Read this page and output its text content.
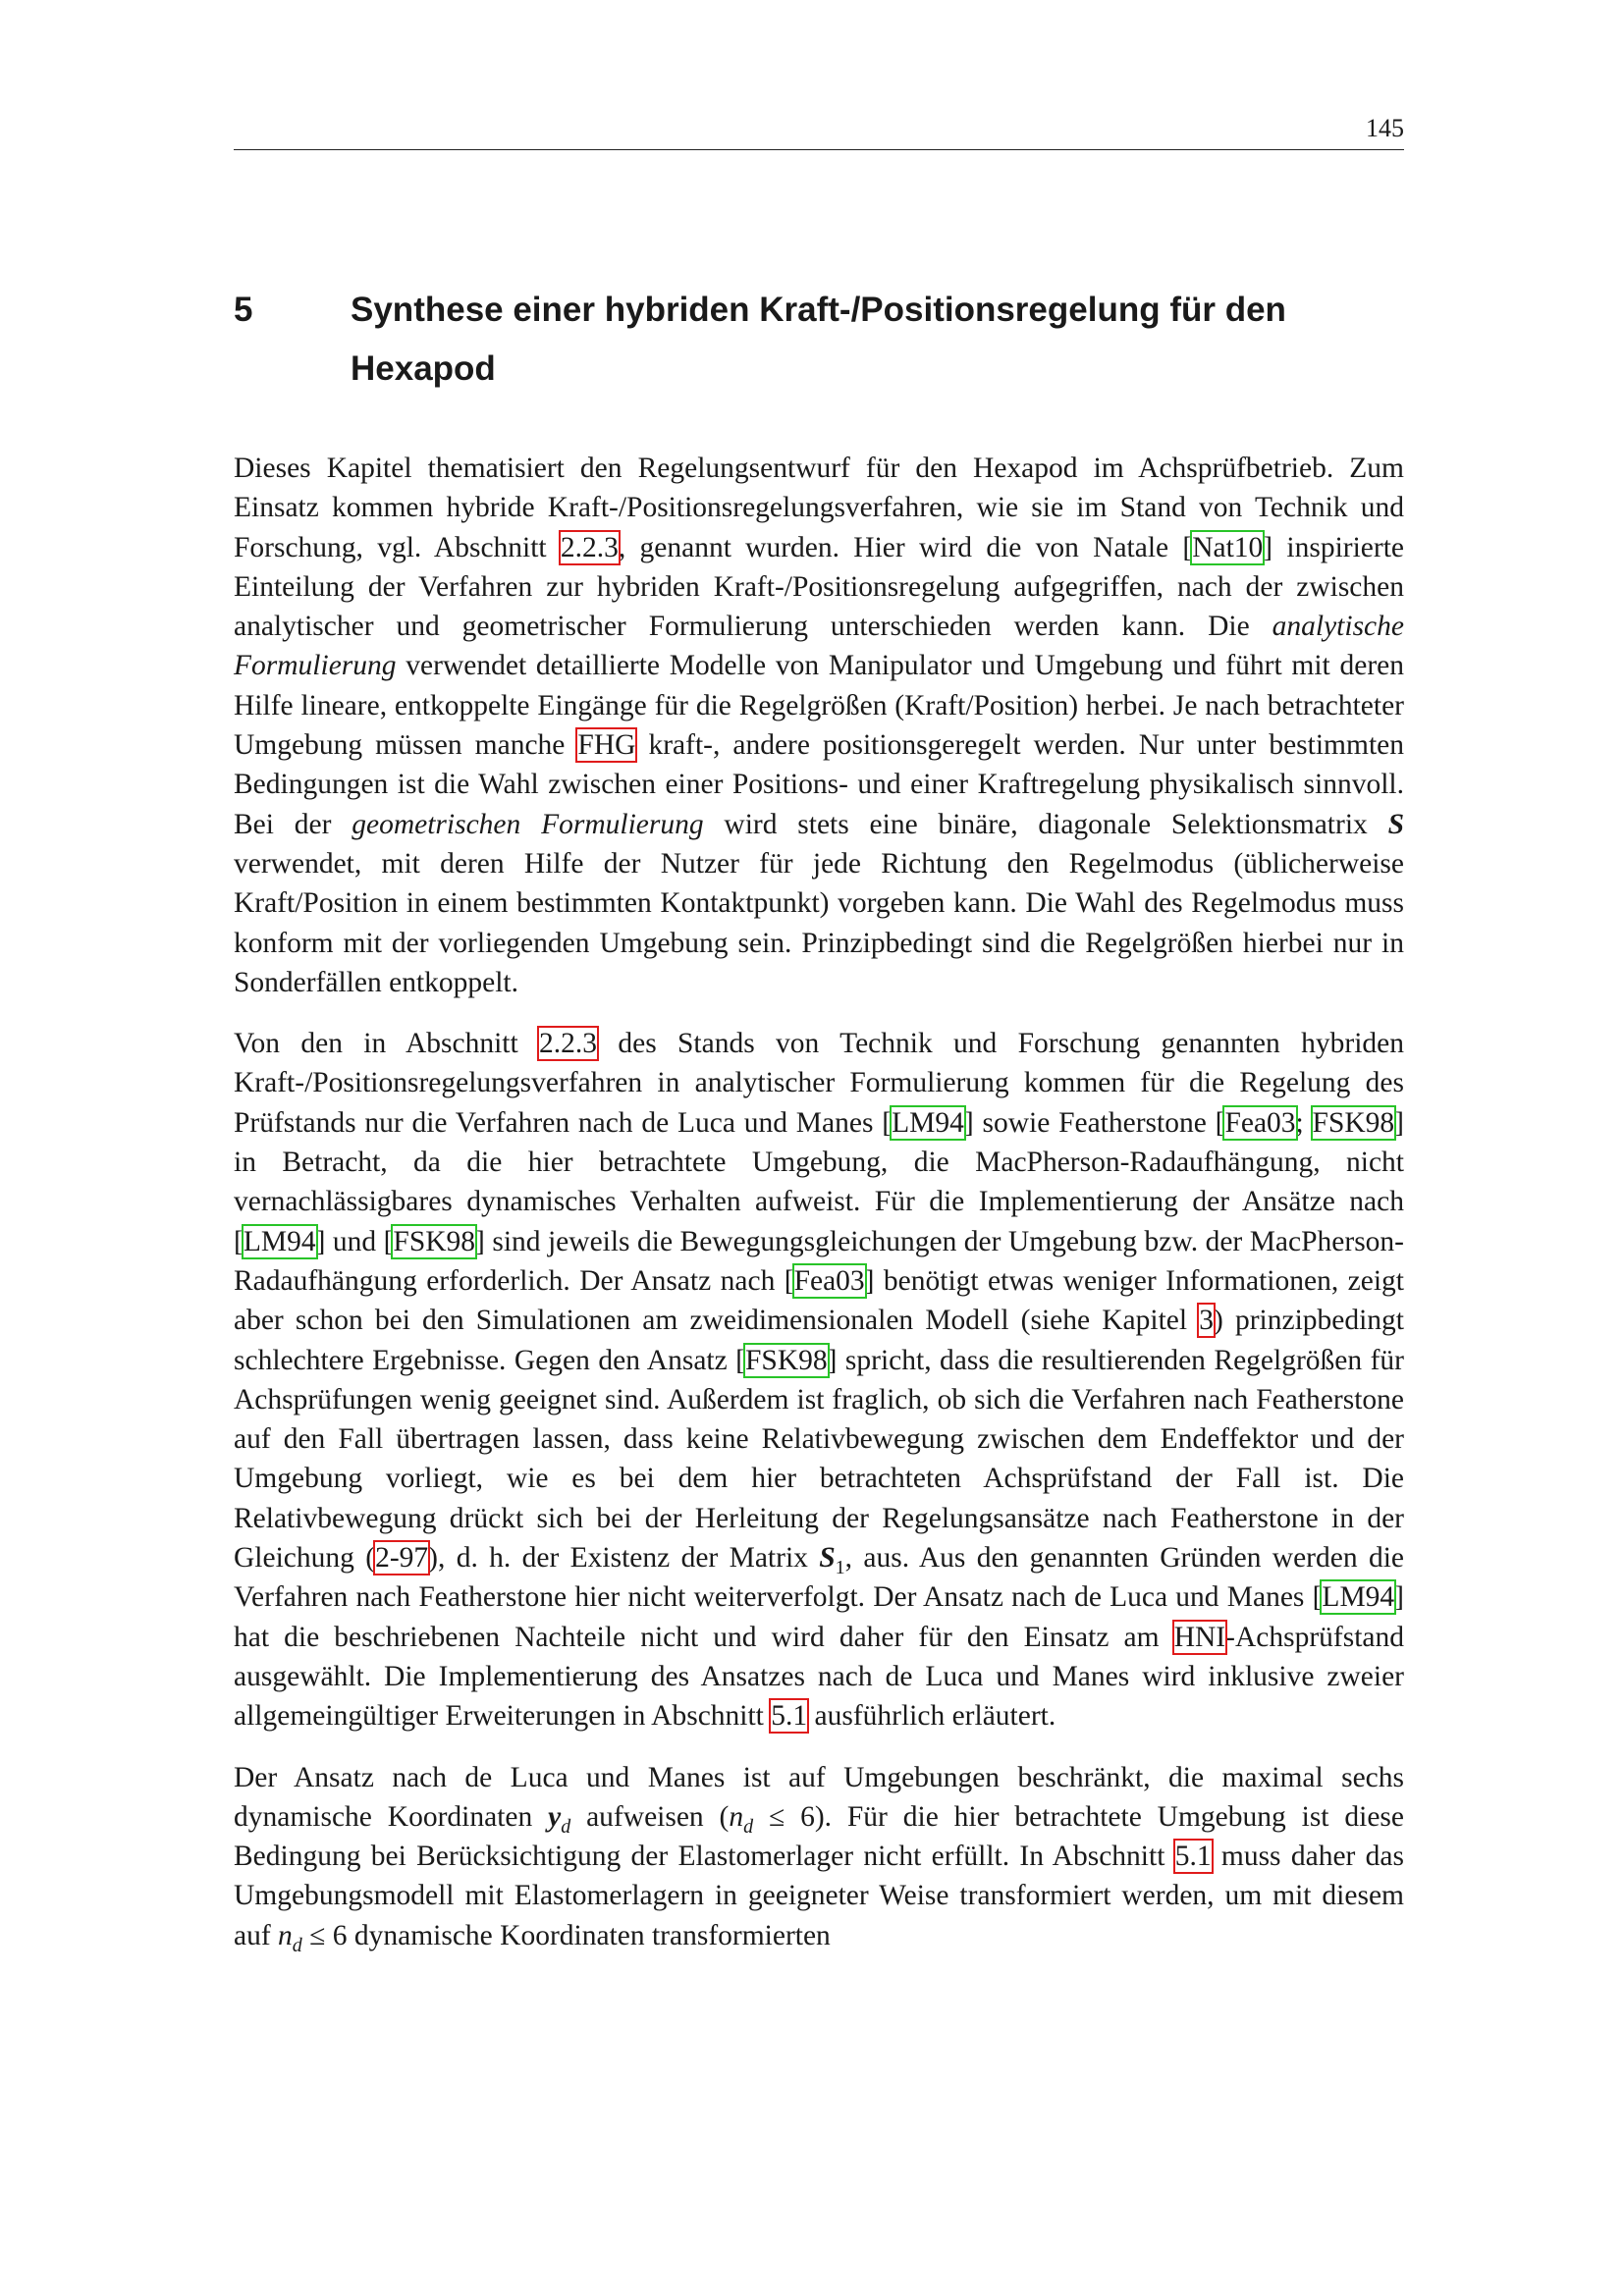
145
5	Synthese einer hybriden Kraft-/Positionsregelung für den
Hexapod

Dieses Kapitel thematisiert den Regelungsentwurf für den Hexapod im Achsprüfbetrieb. Zum Einsatz kommen hybride Kraft-/Positionsregelungsverfahren, wie sie im Stand von Technik und Forschung, vgl. Abschnitt 2.2.3, genannt wurden. Hier wird die von Natale [Nat10] inspirierte Einteilung der Verfahren zur hybriden Kraft-/Positionsregelung aufgegriffen, nach der zwischen analytischer und geometrischer Formulierung unterschieden werden kann. Die analytische Formulierung verwendet detaillierte Modelle von Manipulator und Umgebung und führt mit deren Hilfe lineare, entkoppelte Eingänge für die Regelgrößen (Kraft/Position) herbei. Je nach betrachteter Umgebung müssen manche FHG kraft-, andere positionsgeregelt werden. Nur unter bestimmten Bedingungen ist die Wahl zwischen einer Positions- und einer Kraftregelung physikalisch sinnvoll. Bei der geometrischen Formulierung wird stets eine binäre, diagonale Selektionsmatrix S verwendet, mit deren Hilfe der Nutzer für jede Richtung den Regelmodus (üblicherweise Kraft/Position in einem bestimmten Kontaktpunkt) vorgeben kann. Die Wahl des Regelmodus muss konform mit der vorliegenden Umgebung sein. Prinzipbedingt sind die Regelgrößen hierbei nur in Sonderfällen entkoppelt.

Von den in Abschnitt 2.2.3 des Stands von Technik und Forschung genannten hybriden Kraft-/Positionsregelungsverfahren in analytischer Formulierung kommen für die Regelung des Prüfstands nur die Verfahren nach de Luca und Manes [LM94] sowie Featherstone [Fea03; FSK98] in Betracht, da die hier betrachtete Umgebung, die MacPherson-Radaufhängung, nicht vernachlässigbares dynamisches Verhalten aufweist. Für die Implementierung der Ansätze nach [LM94] und [FSK98] sind jeweils die Bewegungsgleichungen der Umgebung bzw. der MacPherson-Radaufhängung erforderlich. Der Ansatz nach [Fea03] benötigt etwas weniger Informationen, zeigt aber schon bei den Simulationen am zweidimensionalen Modell (siehe Kapitel 3) prinzipbedingt schlechtere Ergebnisse. Gegen den Ansatz [FSK98] spricht, dass die resultierenden Regelgrößen für Achsprüfungen wenig geeignet sind. Außerdem ist fraglich, ob sich die Verfahren nach Featherstone auf den Fall übertragen lassen, dass keine Relativbewegung zwischen dem Endeffektor und der Umgebung vorliegt, wie es bei dem hier betrachteten Achsprüfstand der Fall ist. Die Relativbewegung drückt sich bei der Herleitung der Regelungsansätze nach Featherstone in der Gleichung (2-97), d. h. der Existenz der Matrix $S_1$, aus. Aus den genannten Gründen werden die Verfahren nach Featherstone hier nicht weiterverfolgt. Der Ansatz nach de Luca und Manes [LM94] hat die beschriebenen Nachteile nicht und wird daher für den Einsatz am HNI-Achsprüfstand ausgewählt. Die Implementierung des Ansatzes nach de Luca und Manes wird inklusive zweier allgemeingültiger Erweiterungen in Abschnitt 5.1 ausführlich erläutert.

Der Ansatz nach de Luca und Manes ist auf Umgebungen beschränkt, die maximal sechs dynamische Koordinaten $y_d$ aufweisen $(n_d \le 6)$. Für die hier betrachtete Umgebung ist diese Bedingung bei Berücksichtigung der Elastomerlager nicht erfüllt. In Abschnitt 5.1 muss daher das Umgebungsmodell mit Elastomerlagern in geeigneter Weise transformiert werden, um mit diesem auf $n_d \le 6$ dynamische Koordinaten transformierten
